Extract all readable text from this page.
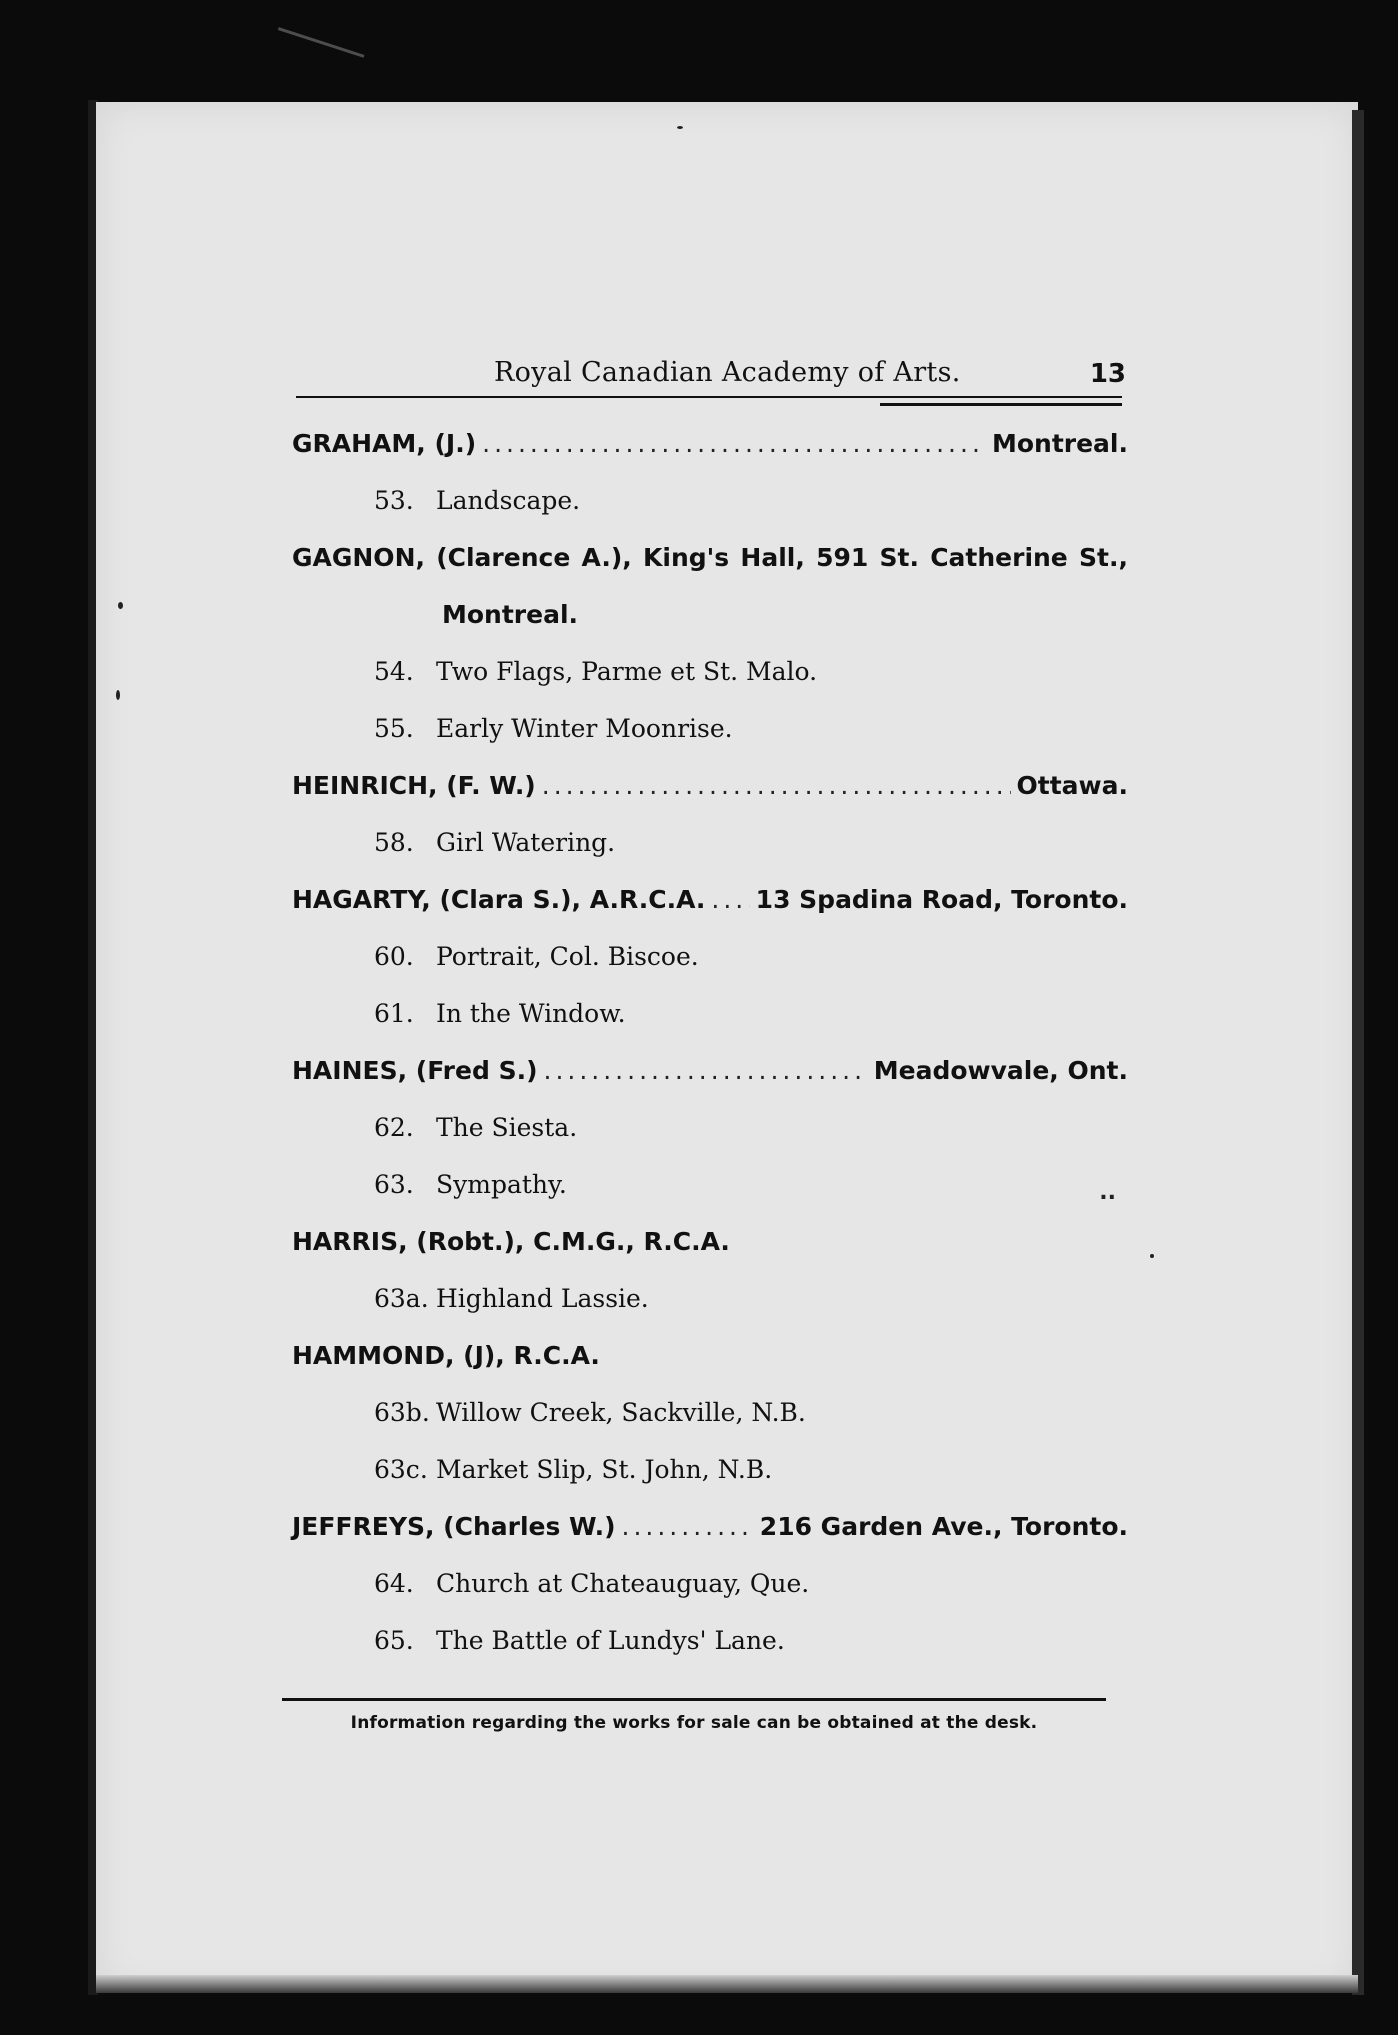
Royal Canadian Academy of Arts.	13
GRAHAM, (J.) .....	Montreal.
53. Landscape.
GAGNON, (Clarence A.), King's Hall, 591 St. Catherine St.,
Montreal.
54. Two Flags, Parme et St. Malo.
55. Early Winter Moonrise.
HEINRICH, (F. W.) .....	Ottawa.
58. Girl Watering.
HAGARTY, (Clara S.), A.R.C.A. ..... 13 Spadina Road, Toronto.
60. Portrait, Col. Biscoe.
61. In the Window.
HAINES, (Fred S.) .....	Meadowvale, Ont.
62. The Siesta.
63. Sympathy.	..
HARRIS, (Robt.), C.M.G., R.C.A.
63a. Highland Lassie.
HAMMOND, (J), R.C.A.
63b. Willow Creek, Sackville, N.B.
63c. Market Slip, St. John, N.B.
JEFFREYS, (Charles W.) .....	216 Garden Ave., Toronto.
64. Church at Chateauguay, Que.
65. The Battle of Lundys' Lane.
Information regarding the works for sale can be obtained at the desk.
